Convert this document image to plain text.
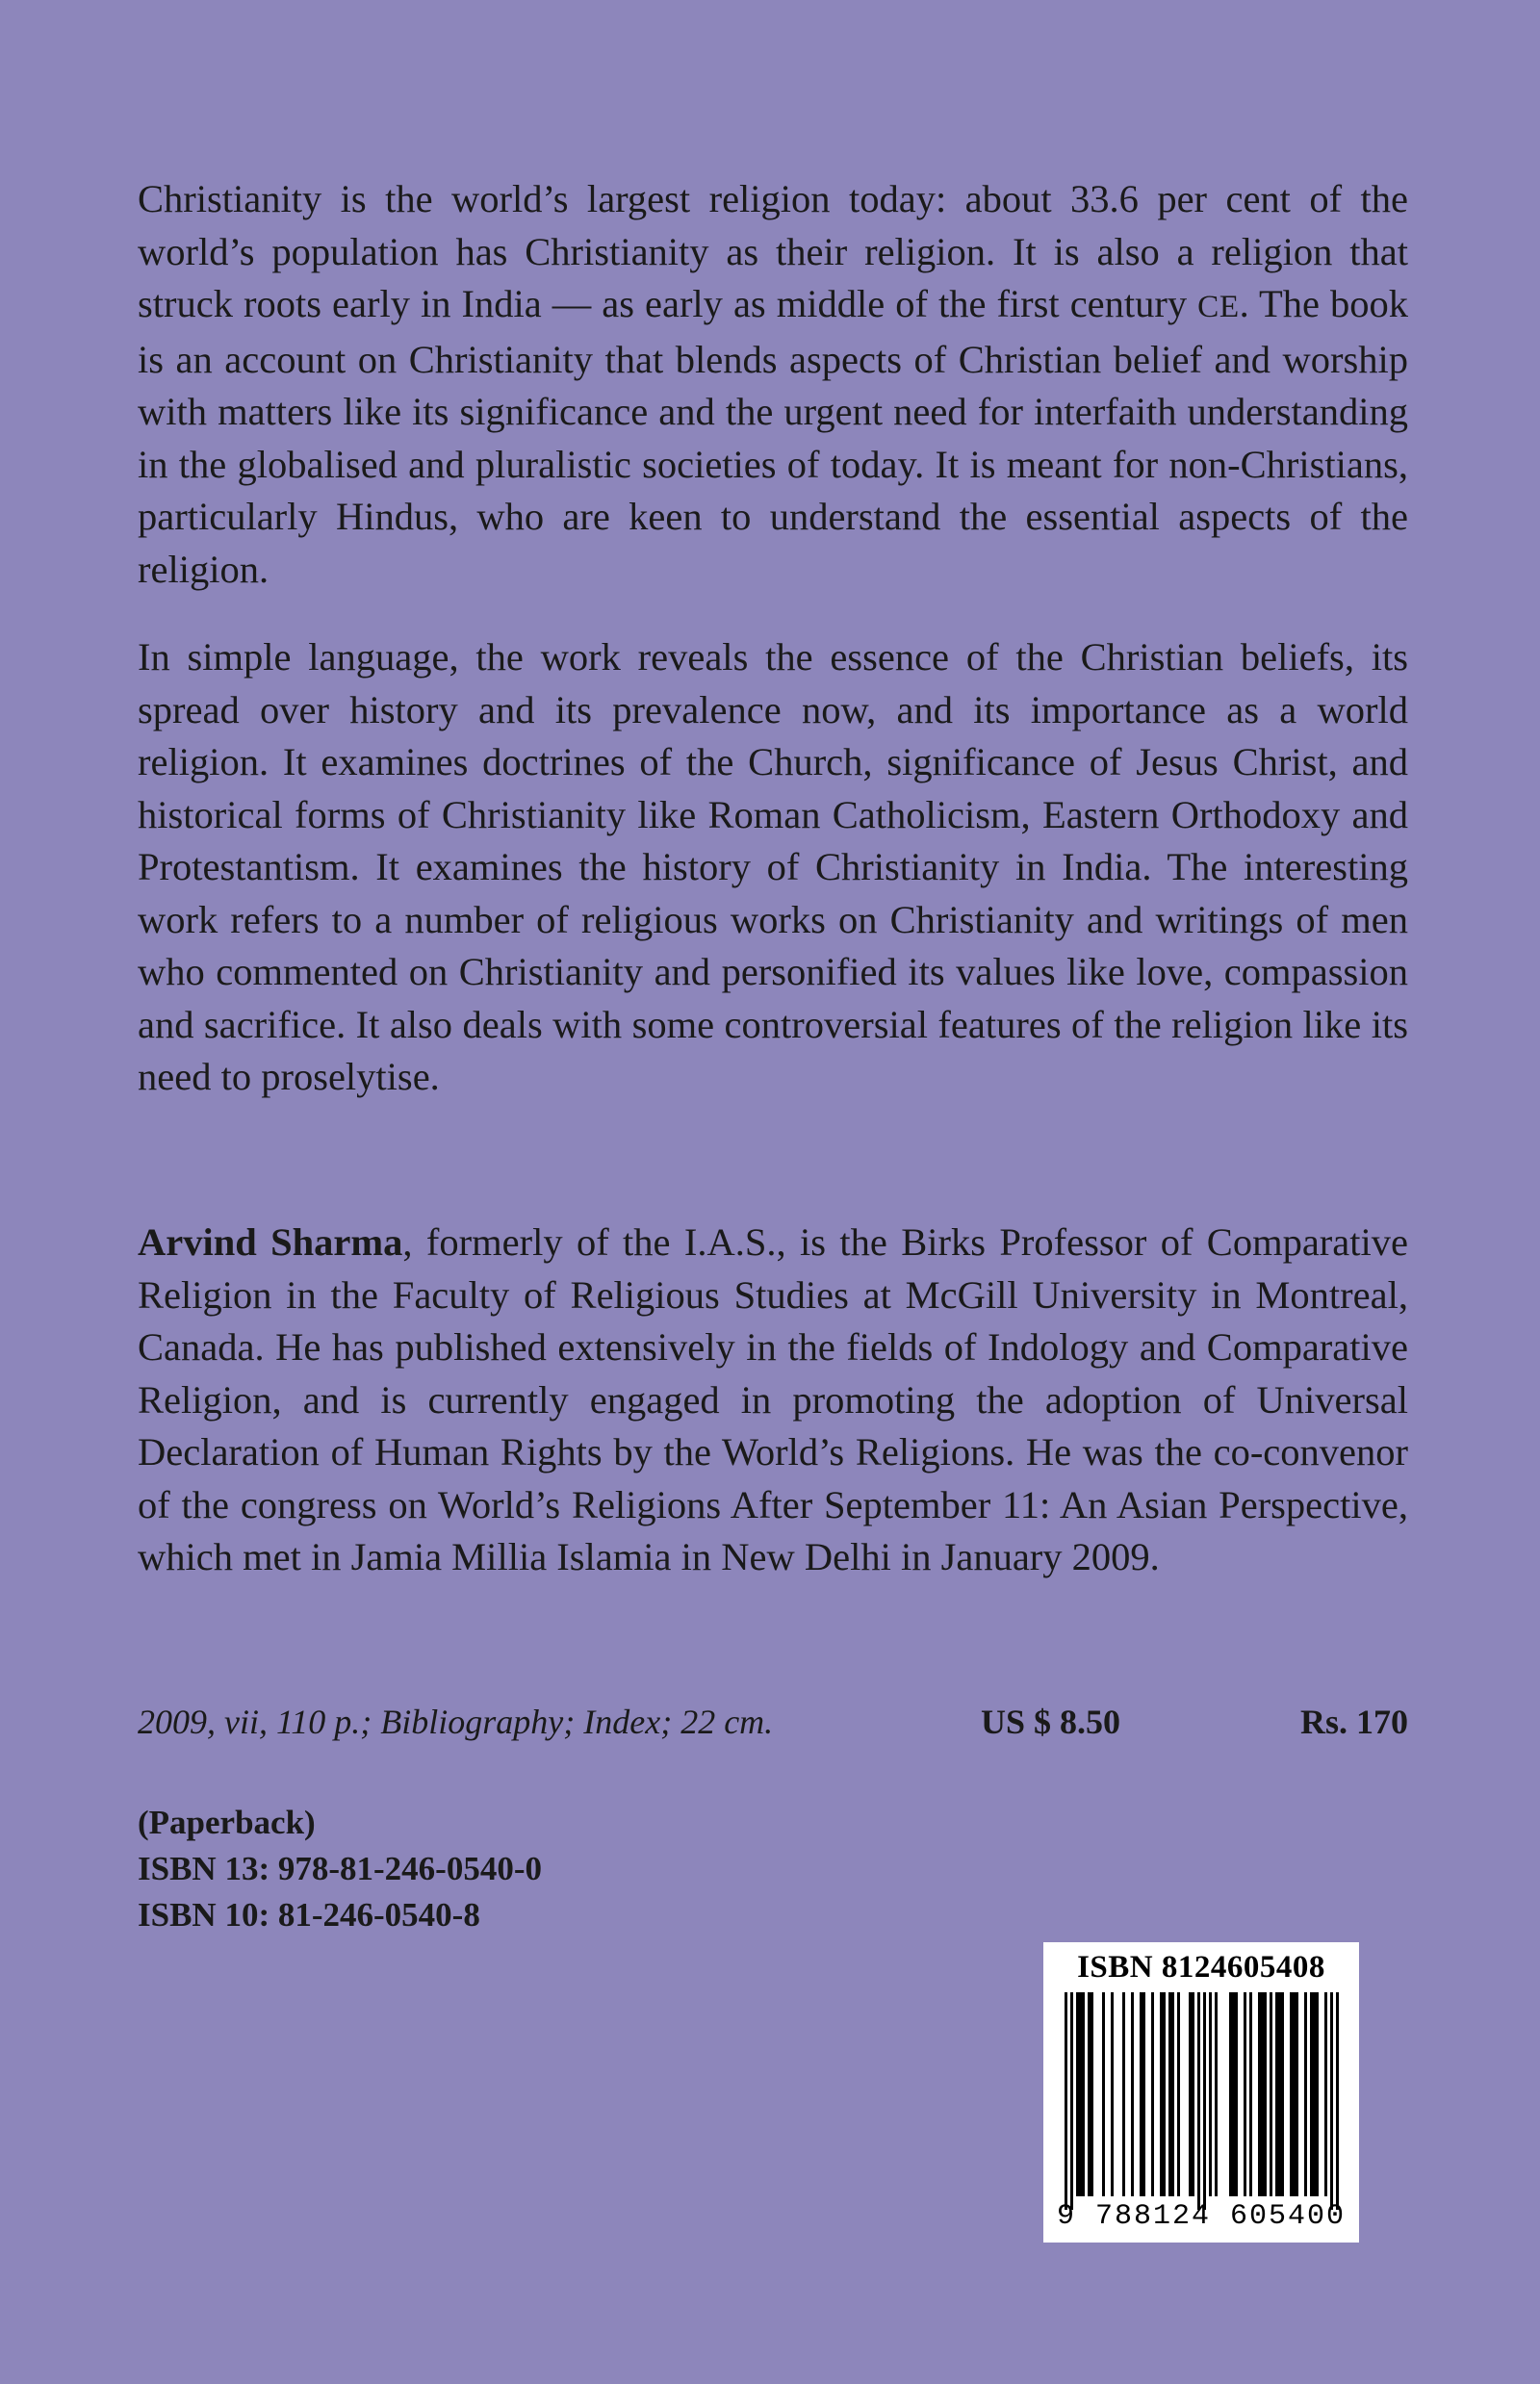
Christianity is the world’s largest religion today: about 33.6 per cent of the world’s population has Christianity as their religion. It is also a religion that struck roots early in India — as early as middle of the first century CE. The book is an account on Christianity that blends aspects of Christian belief and worship with matters like its significance and the urgent need for interfaith understanding in the globalised and pluralistic societies of today. It is meant for non-Christians, particularly Hindus, who are keen to understand the essential aspects of the religion.

In simple language, the work reveals the essence of the Christian beliefs, its spread over history and its prevalence now, and its importance as a world religion. It examines doctrines of the Church, significance of Jesus Christ, and historical forms of Christianity like Roman Catholicism, Eastern Orthodoxy and Protestantism. It examines the history of Christianity in India. The interesting work refers to a number of religious works on Christianity and writings of men who commented on Christianity and personified its values like love, compassion and sacrifice. It also deals with some controversial features of the religion like its need to proselytise.

Arvind Sharma, formerly of the I.A.S., is the Birks Professor of Comparative Religion in the Faculty of Religious Studies at McGill University in Montreal, Canada. He has published extensively in the fields of Indology and Comparative Religion, and is currently engaged in promoting the adoption of Universal Declaration of Human Rights by the World’s Religions. He was the co-convenor of the congress on World’s Religions After September 11: An Asian Perspective, which met in Jamia Millia Islamia in New Delhi in January 2009.

2009, vii, 110 p.; Bibliography; Index; 22 cm.	US $ 8.50	Rs. 170
(Paperback)
ISBN 13: 978-81-246-0540-0
ISBN 10: 81-246-0540-8
ISBN 8124605408
9 788124 605400
